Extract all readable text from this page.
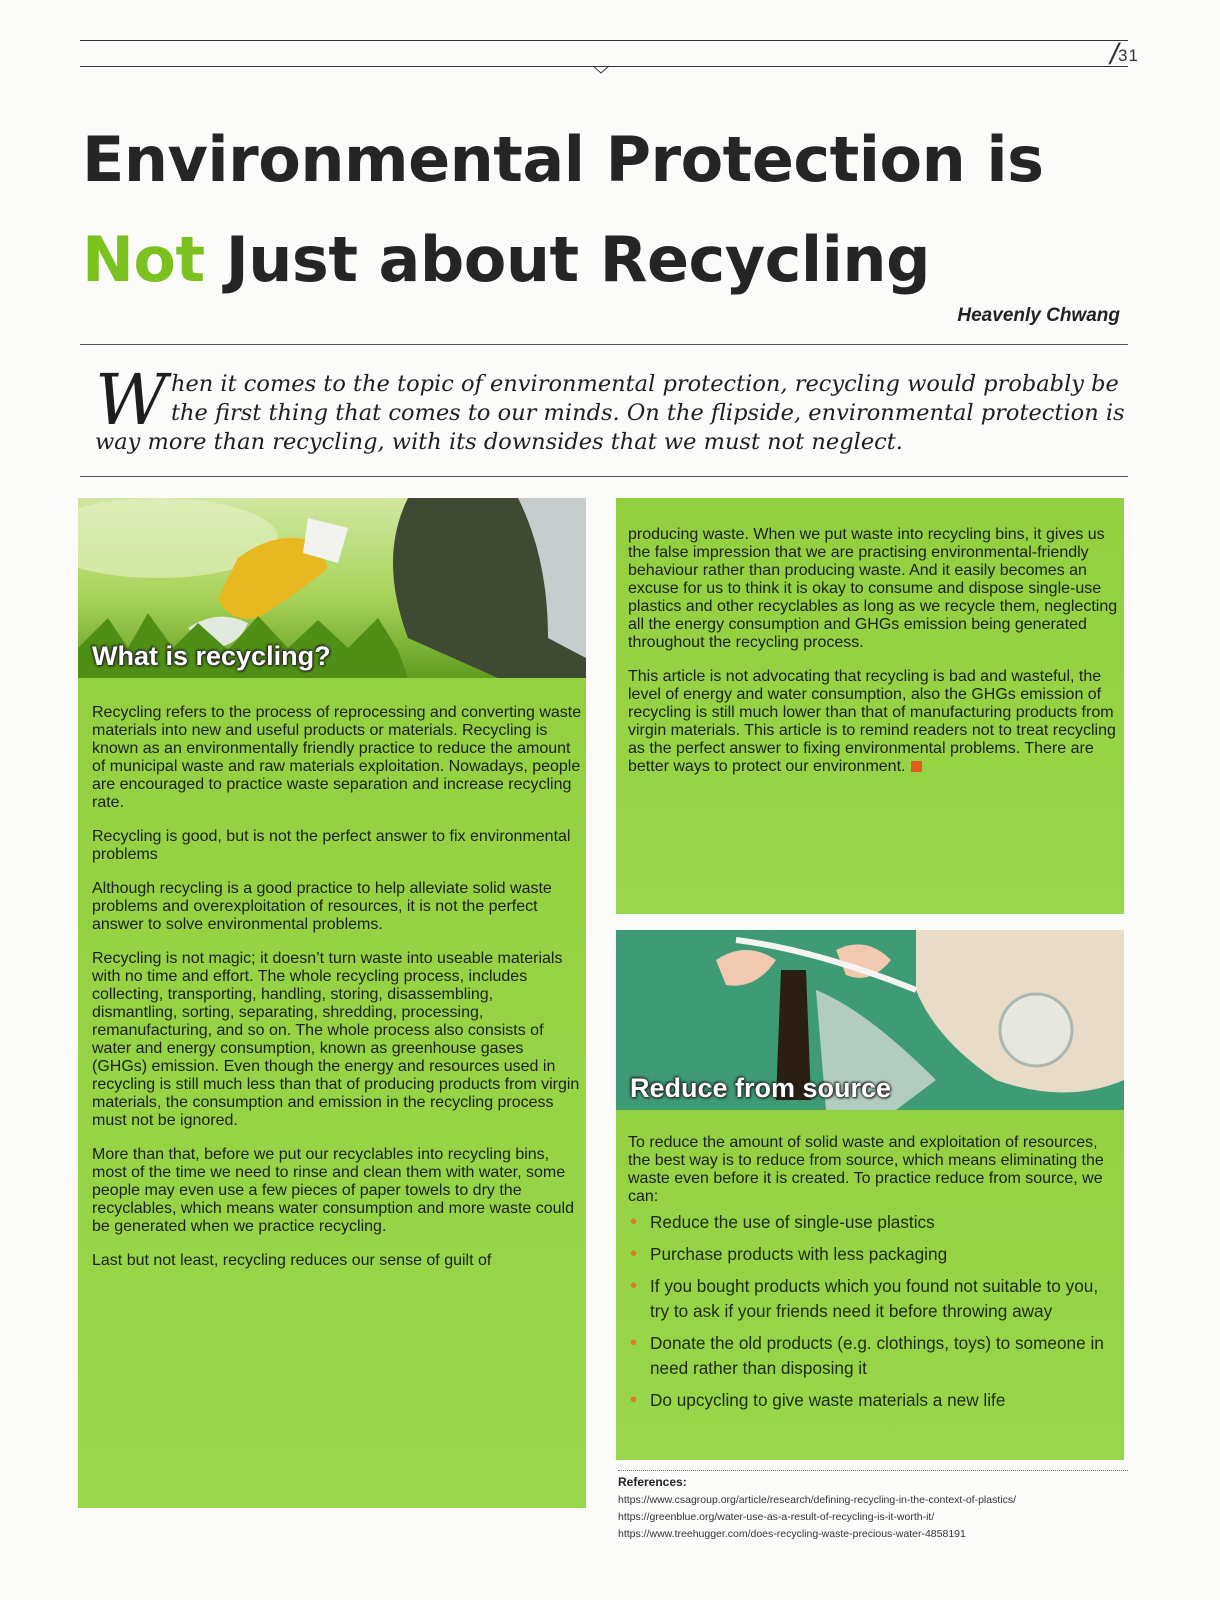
/ 31
Environmental Protection is
Not Just about Recycling
Heavenly Chwang

When it comes to the topic of environmental protection, recycling would probably be the first thing that comes to our minds. On the flipside, environmental protection is way more than recycling, with its downsides that we must not neglect.

What is recycling?

Recycling refers to the process of reprocessing and converting waste materials into new and useful products or materials. Recycling is known as an environmentally friendly practice to reduce the amount of municipal waste and raw materials exploitation. Nowadays, people are encouraged to practice waste separation and increase recycling rate.

Recycling is good, but is not the perfect answer to fix environmental problems

Although recycling is a good practice to help alleviate solid waste problems and overexploitation of resources, it is not the perfect answer to solve environmental problems.

Recycling is not magic; it doesn’t turn waste into useable materials with no time and effort. The whole recycling process, includes collecting, transporting, handling, storing, disassembling, dismantling, sorting, separating, shredding, processing, remanufacturing, and so on. The whole process also consists of water and energy consumption, known as greenhouse gases (GHGs) emission. Even though the energy and resources used in recycling is still much less than that of producing products from virgin materials, the consumption and emission in the recycling process must not be ignored.

More than that, before we put our recyclables into recycling bins, most of the time we need to rinse and clean them with water, some people may even use a few pieces of paper towels to dry the recyclables, which means water consumption and more waste could be generated when we practice recycling.

Last but not least, recycling reduces our sense of guilt of

producing waste. When we put waste into recycling bins, it gives us the false impression that we are practising environmental-friendly behaviour rather than producing waste. And it easily becomes an excuse for us to think it is okay to consume and dispose single-use plastics and other recyclables as long as we recycle them, neglecting all the energy consumption and GHGs emission being generated throughout the recycling process.

This article is not advocating that recycling is bad and wasteful, the level of energy and water consumption, also the GHGs emission of recycling is still much lower than that of manufacturing products from virgin materials. This article is to remind readers not to treat recycling as the perfect answer to fixing environmental problems. There are better ways to protect our environment.

Reduce from source

To reduce the amount of solid waste and exploitation of resources, the best way is to reduce from source, which means eliminating the waste even before it is created. To practice reduce from source, we can:

• Reduce the use of single-use plastics
• Purchase products with less packaging
• If you bought products which you found not suitable to you, try to ask if your friends need it before throwing away
• Donate the old products (e.g. clothings, toys) to someone in need rather than disposing it
• Do upcycling to give waste materials a new life

References:

https://www.csagroup.org/article/research/defining-recycling-in-the-context-of-plastics/

https://greenblue.org/water-use-as-a-result-of-recycling-is-it-worth-it/

https://www.treehugger.com/does-recycling-waste-precious-water-4858191
